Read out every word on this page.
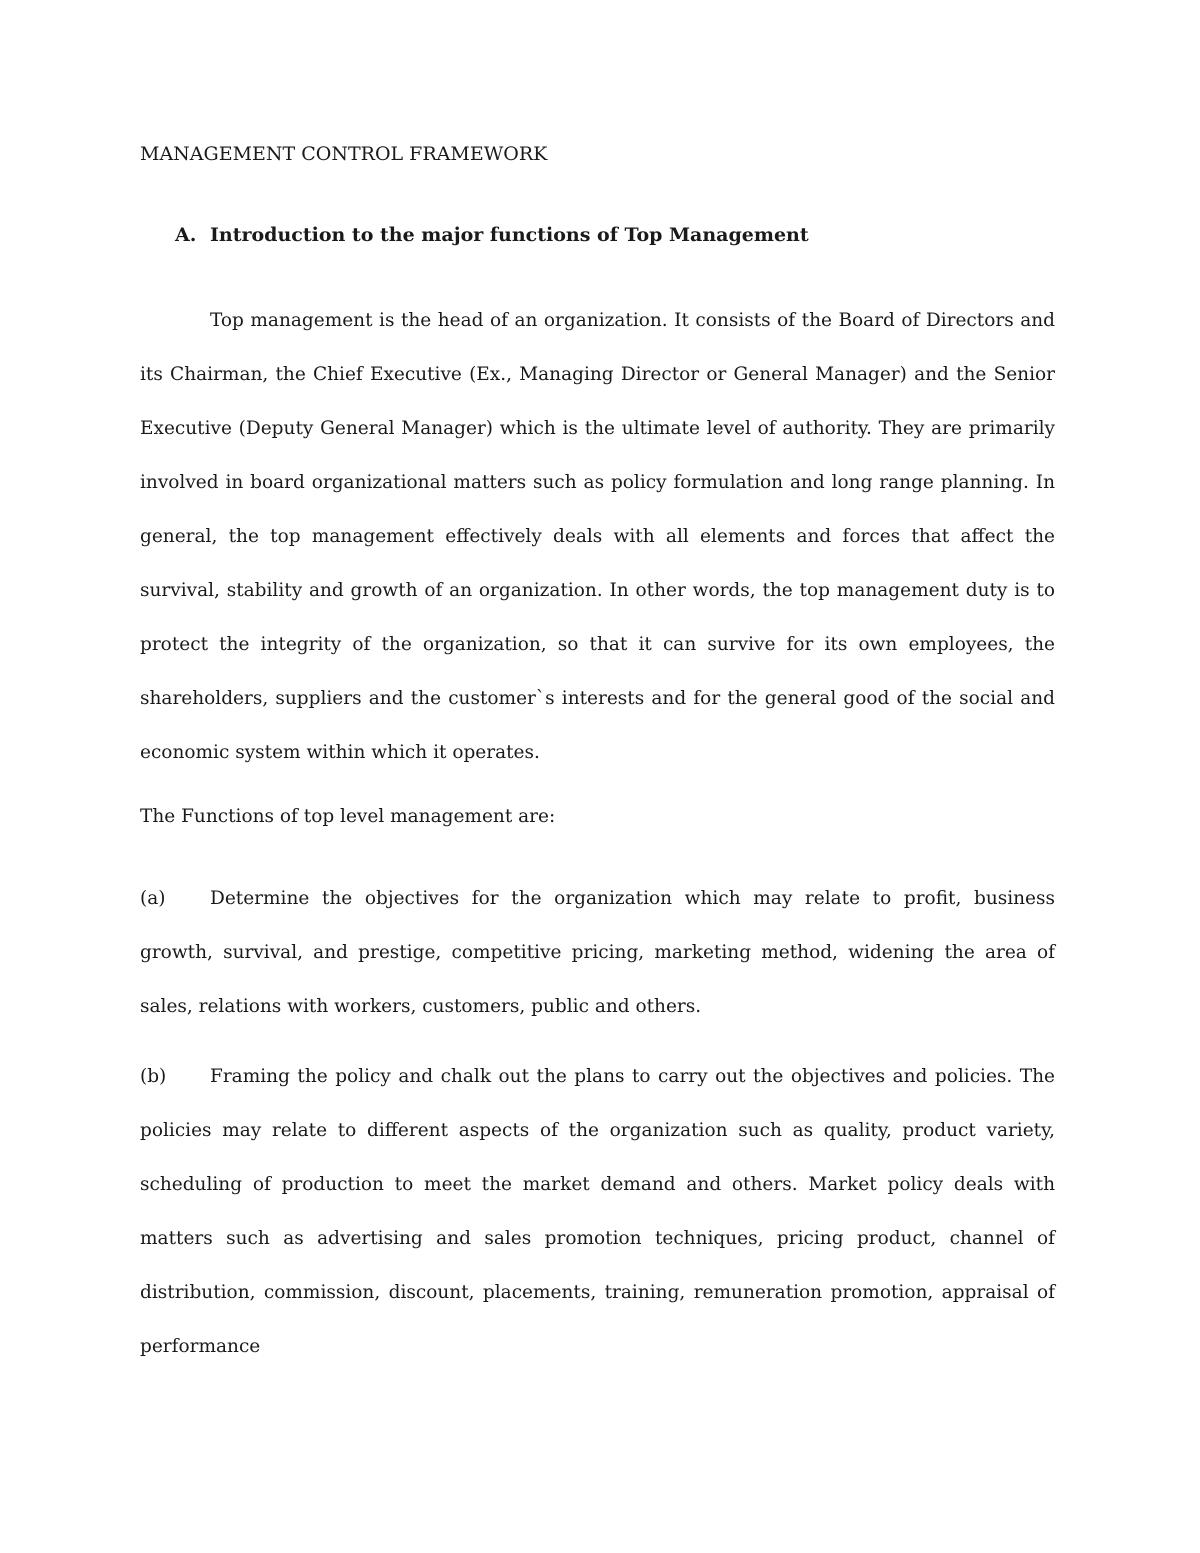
MANAGEMENT CONTROL FRAMEWORK
A. Introduction to the major functions of Top Management

Top management is the head of an organization. It consists of the Board of Directors and its Chairman, the Chief Executive (Ex., Managing Director or General Manager) and the Senior Executive (Deputy General Manager) which is the ultimate level of authority. They are primarily involved in board organizational matters such as policy formulation and long range planning. In general, the top management effectively deals with all elements and forces that affect the survival, stability and growth of an organization. In other words, the top management duty is to protect the integrity of the organization, so that it can survive for its own employees, the shareholders, suppliers and the customer`s interests and for the general good of the social and economic system within which it operates.

The Functions of top level management are:

(a) Determine the objectives for the organization which may relate to profit, business growth, survival, and prestige, competitive pricing, marketing method, widening the area of sales, relations with workers, customers, public and others.

(b) Framing the policy and chalk out the plans to carry out the objectives and policies. The policies may relate to different aspects of the organization such as quality, product variety, scheduling of production to meet the market demand and others. Market policy deals with matters such as advertising and sales promotion techniques, pricing product, channel of distribution, commission, discount, placements, training, remuneration promotion, appraisal of performance
